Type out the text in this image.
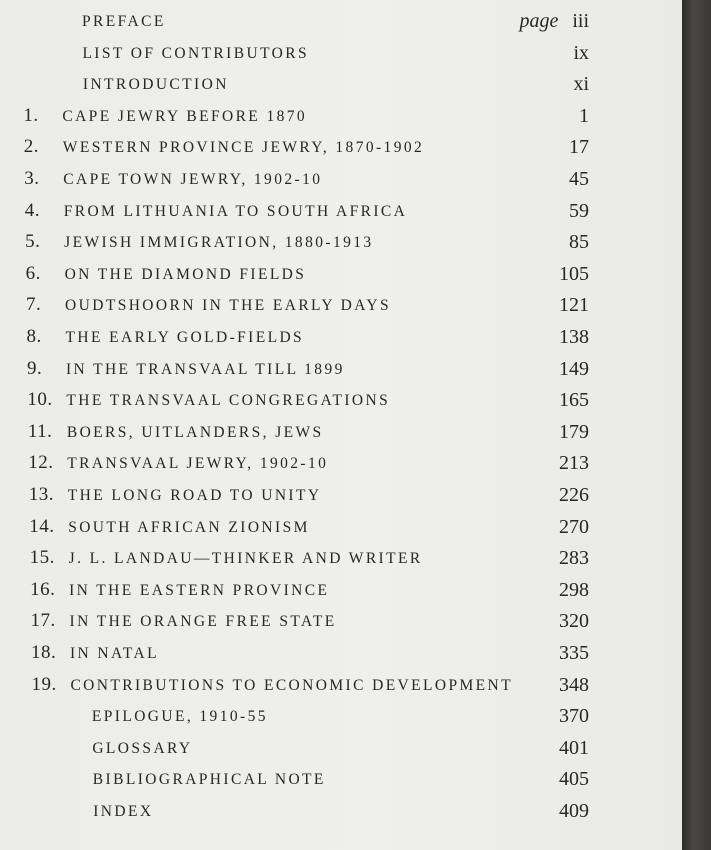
PREFACE	page iii
LIST OF CONTRIBUTORS	ix
INTRODUCTION	xi
1. CAPE JEWRY BEFORE 1870	1
2. WESTERN PROVINCE JEWRY, 1870-1902	17
3. CAPE TOWN JEWRY, 1902-10	45
4. FROM LITHUANIA TO SOUTH AFRICA	59
5. JEWISH IMMIGRATION, 1880-1913	85
6. ON THE DIAMOND FIELDS	105
7. OUDTSHOORN IN THE EARLY DAYS	121
8. THE EARLY GOLD-FIELDS	138
9. IN THE TRANSVAAL TILL 1899	149
10. THE TRANSVAAL CONGREGATIONS	165
11. BOERS, UITLANDERS, JEWS	179
12. TRANSVAAL JEWRY, 1902-10	213
13. THE LONG ROAD TO UNITY	226
14. SOUTH AFRICAN ZIONISM	270
15. J. L. LANDAU—THINKER AND WRITER	283
16. IN THE EASTERN PROVINCE	298
17. IN THE ORANGE FREE STATE	320
18. IN NATAL	335
19. CONTRIBUTIONS TO ECONOMIC DEVELOPMENT 348
EPILOGUE, 1910-55	370
GLOSSARY	401
BIBLIOGRAPHICAL NOTE	405
INDEX	409
